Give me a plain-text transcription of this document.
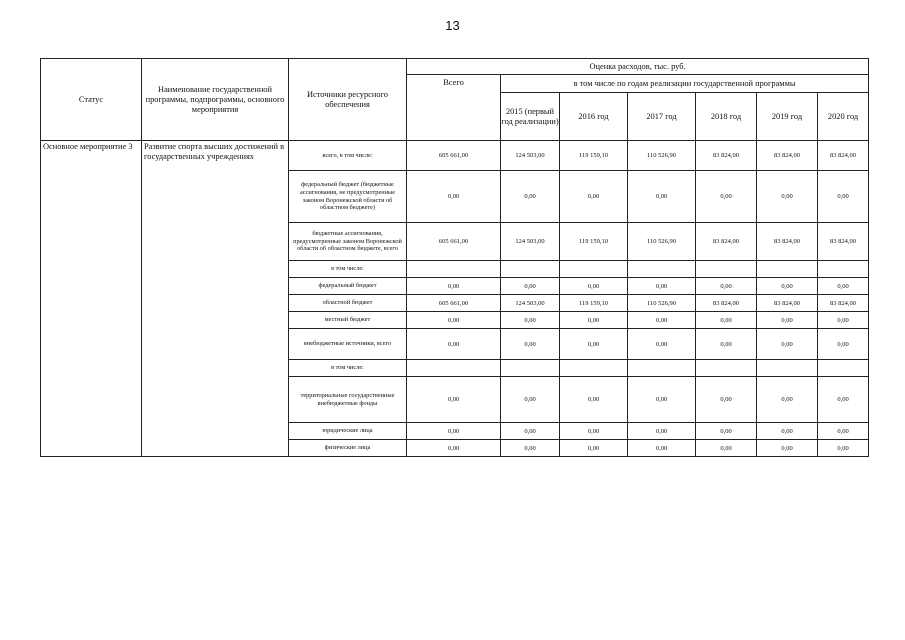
13
Статус	Наименование государственной программы, подпрограммы, основного мероприятия	Источники ресурсного обеспечения	Оценка расходов, тыс. руб.						
			Всего	в том числе по годам реализации государственной программы					
				2015 (первый год реализации)	2016 год	2017 год	2018 год	2019 год	2020 год
Основное мероприятие 3	Развитие спорта высших достижений в государственных учреждениях	всего, в том числе:	605 661,00	124 503,00	119 159,10	110 526,90	83 824,00	83 824,00	83 824,00
		федеральный бюджет (бюджетные ассигнования, не предусмотренные законом Воронежской области об областном бюджете)	0,00	0,00	0,00	0,00	0,00	0,00	0,00
		бюджетные ассигнования, предусмотренные законом Воронежской области об областном бюджете, всего	605 661,00	124 503,00	119 159,10	110 526,90	83 824,00	83 824,00	83 824,00
		в том числе:							
		федеральный бюджет	0,00	0,00	0,00	0,00	0,00	0,00	0,00
		областной бюджет	605 661,00	124 503,00	119 159,10	110 526,90	83 824,00	83 824,00	83 824,00
		местный бюджет	0,00	0,00	0,00	0,00	0,00	0,00	0,00
		внебюджетные источники, всего	0,00	0,00	0,00	0,00	0,00	0,00	0,00
		в том числе:							
		территориальные государственные внебюджетные фонды	0,00	0,00	0,00	0,00	0,00	0,00	0,00
		юридические лица	0,00	0,00	0,00	0,00	0,00	0,00	0,00
		физические лица	0,00	0,00	0,00	0,00	0,00	0,00	0,00
